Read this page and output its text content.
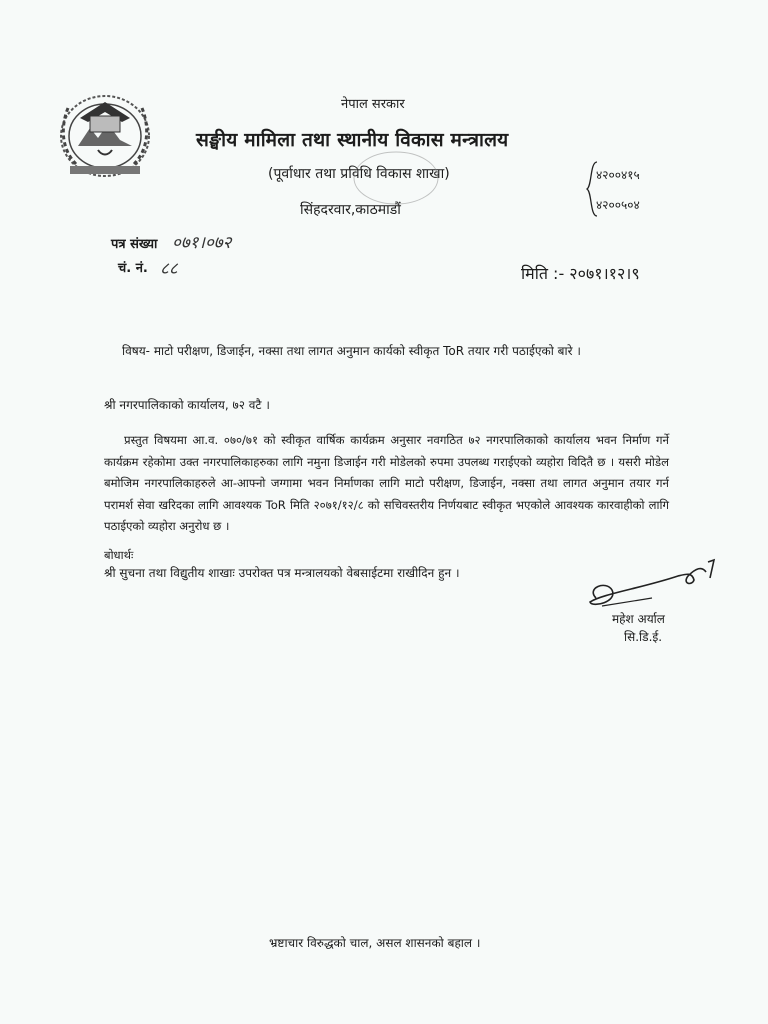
नेपाल सरकार
सङ्घीय मामिला तथा स्थानीय विकास मन्त्रालय
(पूर्वाधार तथा प्रविधि विकास शाखा)
सिंहदरवार,काठमाडौं
४२००४१५
४२००५०४
पत्र संख्या ०७१।०७२
चं. नं. ८८	मिति :- २०७१।१२।९
विषय- माटो परीक्षण, डिजाईन, नक्सा तथा लागत अनुमान कार्यको स्वीकृत ToR तयार गरी पठाईएको बारे ।
श्री नगरपालिकाको कार्यालय, ७२ वटै ।
प्रस्तुत विषयमा आ.व. ०७०/७१ को स्वीकृत वार्षिक कार्यक्रम अनुसार नवगठित ७२ नगरपालिकाको कार्यालय भवन निर्माण गर्ने कार्यक्रम रहेकोमा उक्त नगरपालिकाहरुका लागि नमुना डिजाईन गरी मोडेलको रुपमा उपलब्ध गराईएको व्यहोरा विदितै छ । यसरी मोडेल बमोजिम नगरपालिकाहरुले आ-आफ्नो जग्गामा भवन निर्माणका लागि माटो परीक्षण, डिजाईन, नक्सा तथा लागत अनुमान तयार गर्न परामर्श सेवा खरिदका लागि आवश्यक ToR मिति २०७१/१२/८ को सचिवस्तरीय निर्णयबाट स्वीकृत भएकोले आवश्यक कारवाहीको लागि पठाईएको व्यहोरा अनुरोध छ ।
बोधार्थः
श्री सुचना तथा विद्युतीय शाखाः उपरोक्त पत्र मन्त्रालयको वेबसाईटमा राखीदिन हुन ।
महेश अर्याल
सि.डि.ई.
भ्रष्टाचार विरुद्धको चाल, असल शासनको बहाल ।
